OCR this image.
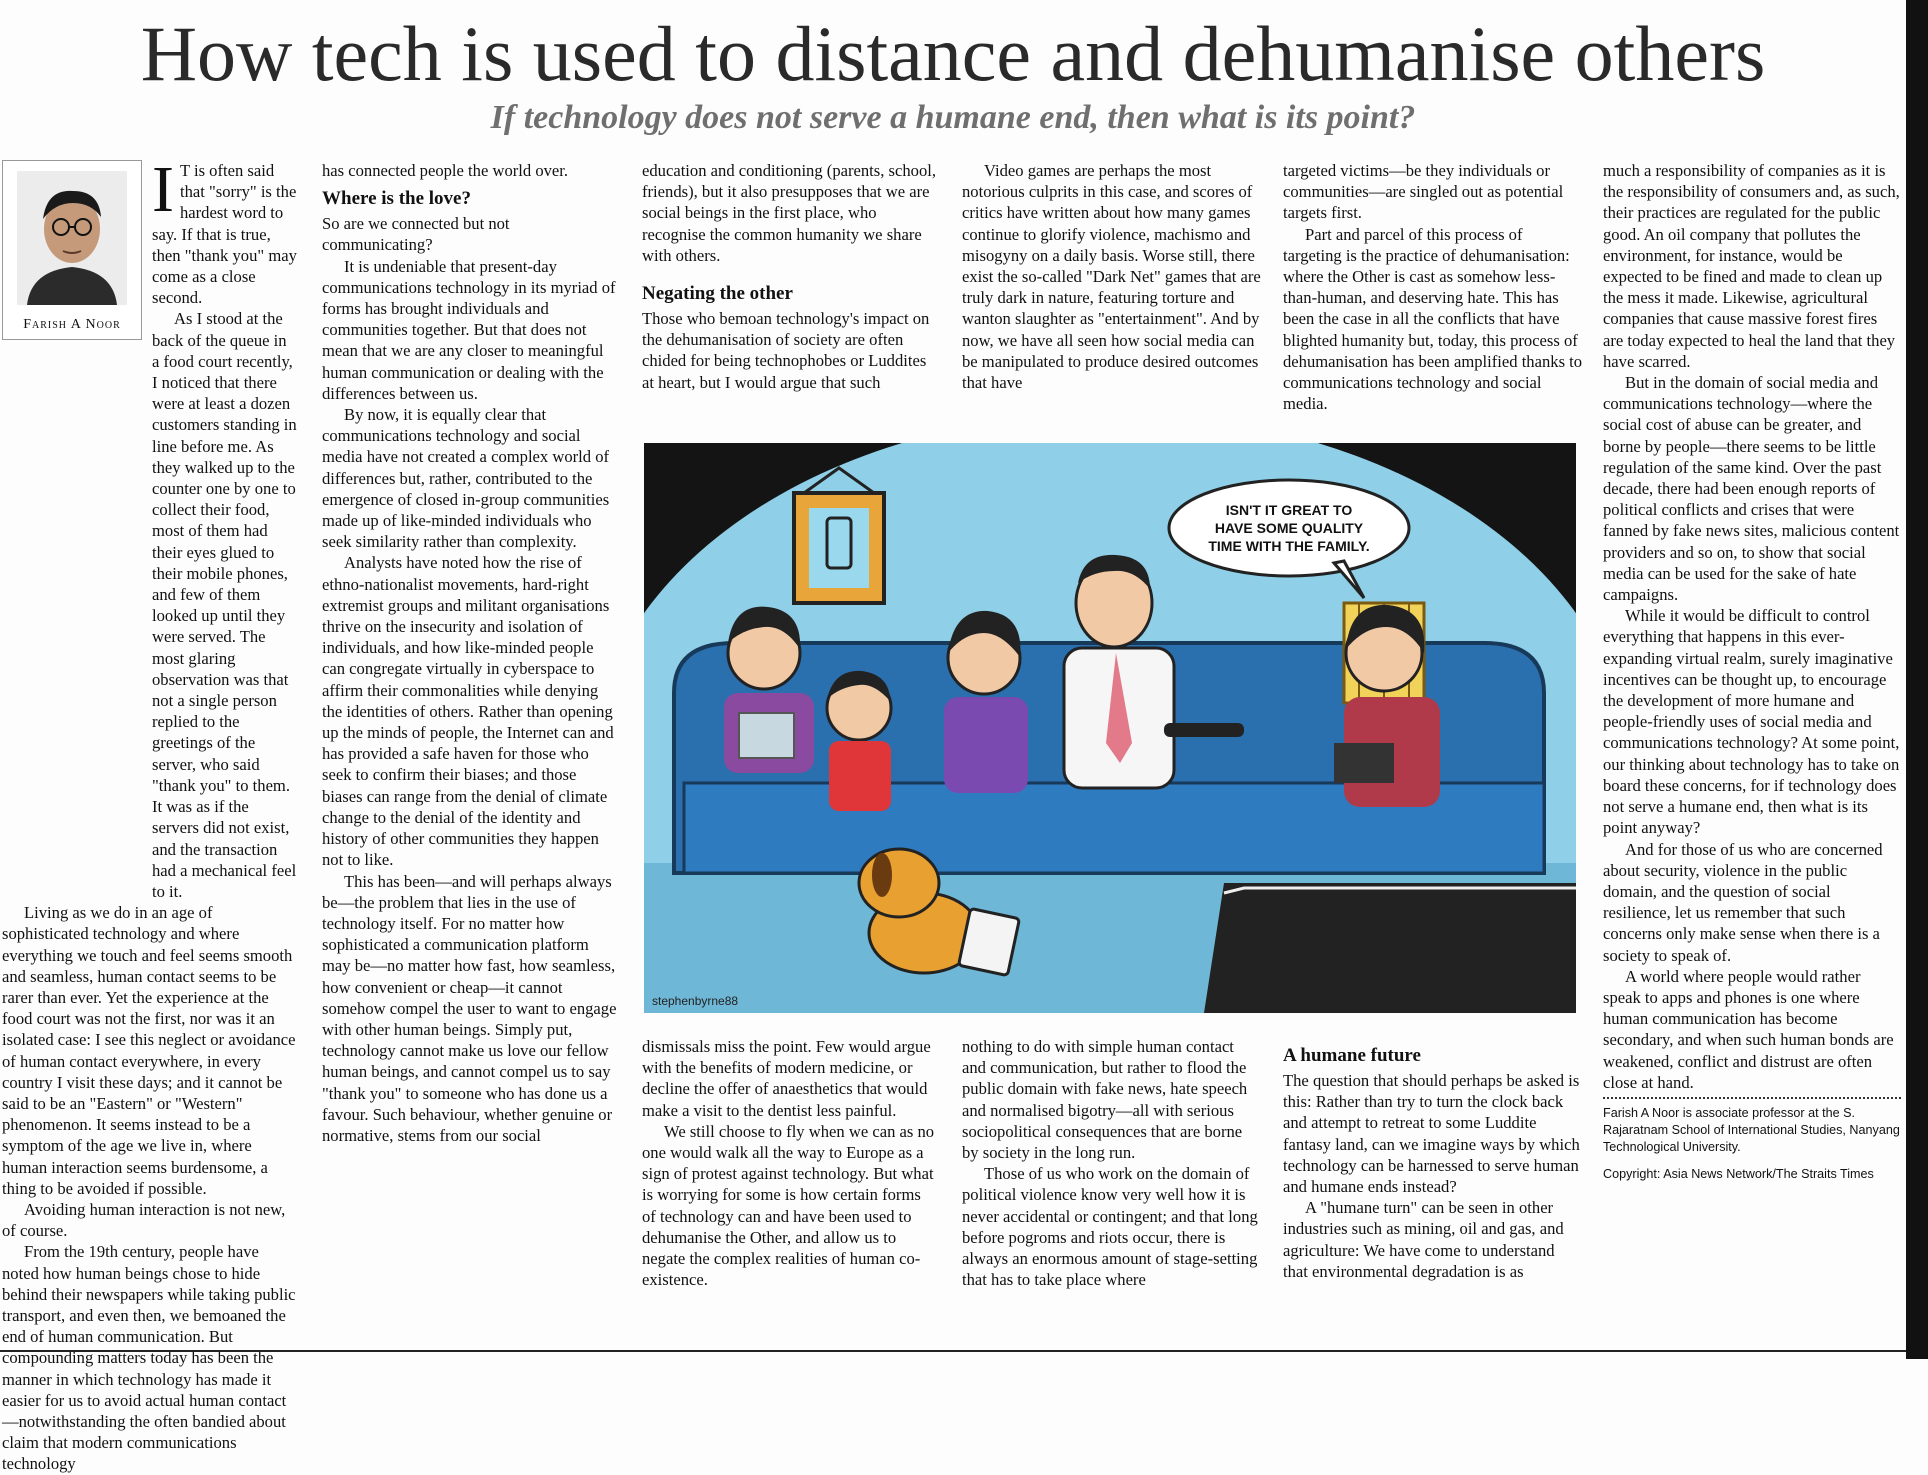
How tech is used to distance and dehumanise others
If technology does not serve a humane end, then what is its point?
I T is often said that "sorry" is the hardest word to say. If that is true, then "thank you" may come as a close second.

As I stood at the back of the queue in a food court recently, I noticed that there were at least a dozen customers standing in line before me. As they walked up to the counter one by one to collect their food, most of them had their eyes glued to their mobile phones, and few of them looked up until they were served. The most glaring observation was that not a single person replied to the greetings of the server, who said "thank you" to them. It was as if the servers did not exist, and the transaction had a mechanical feel to it.

Living as we do in an age of sophisticated technology and where everything we touch and feel seems smooth and seamless, human contact seems to be rarer than ever. Yet the experience at the food court was not the first, nor was it an isolated case: I see this neglect or avoidance of human contact everywhere, in every country I visit these days; and it cannot be said to be an "Eastern" or "Western" phenomenon. It seems instead to be a symptom of the age we live in, where human interaction seems burdensome, a thing to be avoided if possible.

Avoiding human interaction is not new, of course.

From the 19th century, people have noted how human beings chose to hide behind their newspapers while taking public transport, and even then, we bemoaned the end of human communication. But compounding matters today has been the manner in which technology has made it easier for us to avoid actual human contact—notwithstanding the often bandied about claim that modern communications technology

Farish A Noor

has connected people the world over.

Where is the love?

So are we connected but not communicating?

It is undeniable that present-day communications technology in its myriad of forms has brought individuals and communities together. But that does not mean that we are any closer to meaningful human communication or dealing with the differences between us.

By now, it is equally clear that communications technology and social media have not created a complex world of differences but, rather, contributed to the emergence of closed in-group communities made up of like-minded individuals who seek similarity rather than complexity.

Analysts have noted how the rise of ethno-nationalist movements, hard-right extremist groups and militant organisations thrive on the insecurity and isolation of individuals, and how like-minded people can congregate virtually in cyberspace to affirm their commonalities while denying the identities of others. Rather than opening up the minds of people, the Internet can and has provided a safe haven for those who seek to confirm their biases; and those biases can range from the denial of climate change to the denial of the identity and history of other communities they happen not to like.

This has been—and will perhaps always be—the problem that lies in the use of technology itself. For no matter how sophisticated a communication platform may be—no matter how fast, how seamless, how convenient or cheap—it cannot somehow compel the user to want to engage with other human beings. Simply put, technology cannot make us love our fellow human beings, and cannot compel us to say "thank you" to someone who has done us a favour. Such behaviour, whether genuine or normative, stems from our social

education and conditioning (parents, school, friends), but it also presupposes that we are social beings in the first place, who recognise the common humanity we share with others.

Negating the other

Those who bemoan technology's impact on the dehumanisation of society are often chided for being technophobes or Luddites at heart, but I would argue that such

Video games are perhaps the most notorious culprits in this case, and scores of critics have written about how many games continue to glorify violence, machismo and misogyny on a daily basis. Worse still, there exist the so-called "Dark Net" games that are truly dark in nature, featuring torture and wanton slaughter as "entertainment". And by now, we have all seen how social media can be manipulated to produce desired outcomes that have

targeted victims—be they individuals or communities—are singled out as potential targets first.

Part and parcel of this process of targeting is the practice of dehumanisation: where the Other is cast as somehow less-than-human, and deserving hate. This has been the case in all the conflicts that have blighted humanity but, today, this process of dehumanisation has been amplified thanks to communications technology and social media.

ISN'T IT GREAT TO
HAVE SOME QUALITY
TIME WITH THE FAMILY.
stephenbyrne88

dismissals miss the point. Few would argue with the benefits of modern medicine, or decline the offer of anaesthetics that would make a visit to the dentist less painful.

We still choose to fly when we can as no one would walk all the way to Europe as a sign of protest against technology. But what is worrying for some is how certain forms of technology can and have been used to dehumanise the Other, and allow us to negate the complex realities of human co-existence.

nothing to do with simple human contact and communication, but rather to flood the public domain with fake news, hate speech and normalised bigotry—all with serious sociopolitical consequences that are borne by society in the long run.

Those of us who work on the domain of political violence know very well how it is never accidental or contingent; and that long before pogroms and riots occur, there is always an enormous amount of stage-setting that has to take place where

A humane future

The question that should perhaps be asked is this: Rather than try to turn the clock back and attempt to retreat to some Luddite fantasy land, can we imagine ways by which technology can be harnessed to serve human and humane ends instead?

A "humane turn" can be seen in other industries such as mining, oil and gas, and agriculture: We have come to understand that environmental degradation is as

much a responsibility of companies as it is the responsibility of consumers and, as such, their practices are regulated for the public good. An oil company that pollutes the environment, for instance, would be expected to be fined and made to clean up the mess it made. Likewise, agricultural companies that cause massive forest fires are today expected to heal the land that they have scarred.

But in the domain of social media and communications technology—where the social cost of abuse can be greater, and borne by people—there seems to be little regulation of the same kind. Over the past decade, there had been enough reports of political conflicts and crises that were fanned by fake news sites, malicious content providers and so on, to show that social media can be used for the sake of hate campaigns.

While it would be difficult to control everything that happens in this ever-expanding virtual realm, surely imaginative incentives can be thought up, to encourage the development of more humane and people-friendly uses of social media and communications technology? At some point, our thinking about technology has to take on board these concerns, for if technology does not serve a humane end, then what is its point anyway?

And for those of us who are concerned about security, violence in the public domain, and the question of social resilience, let us remember that such concerns only make sense when there is a society to speak of.

A world where people would rather speak to apps and phones is one where human communication has become secondary, and when such human bonds are weakened, conflict and distrust are often close at hand.

Farish A Noor is associate professor at the S. Rajaratnam School of International Studies, Nanyang Technological University.
Copyright: Asia News Network/The Straits Times
